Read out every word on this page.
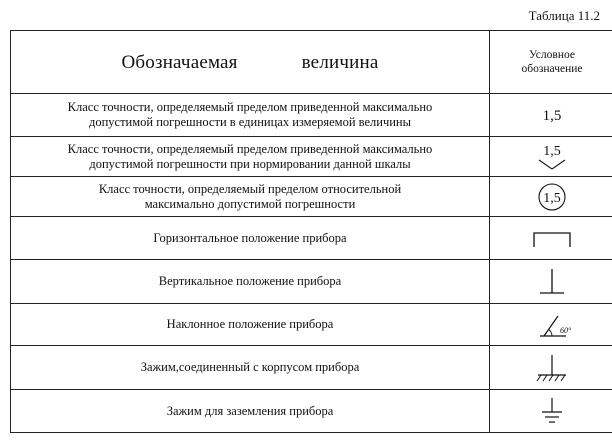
Таблица 11.2
Обозначаемая величина	Условное
обозначение
Класс точности, определяемый пределом приведенной максимально
допустимой погрешности в единицах измеряемой величины	1,5

Класс точности, определяемый пределом приведенной максимально
допустимой погрешности при нормировании данной шкалы	1,5

Класс точности, определяемый пределом относительной
максимально допустимой погрешности	1,5

Горизонтальное положение прибора	

Вертикальное положение прибора	

Наклонное положение прибора	60°

Зажим,соединенный с корпусом прибора	

Зажим для заземления прибора	
